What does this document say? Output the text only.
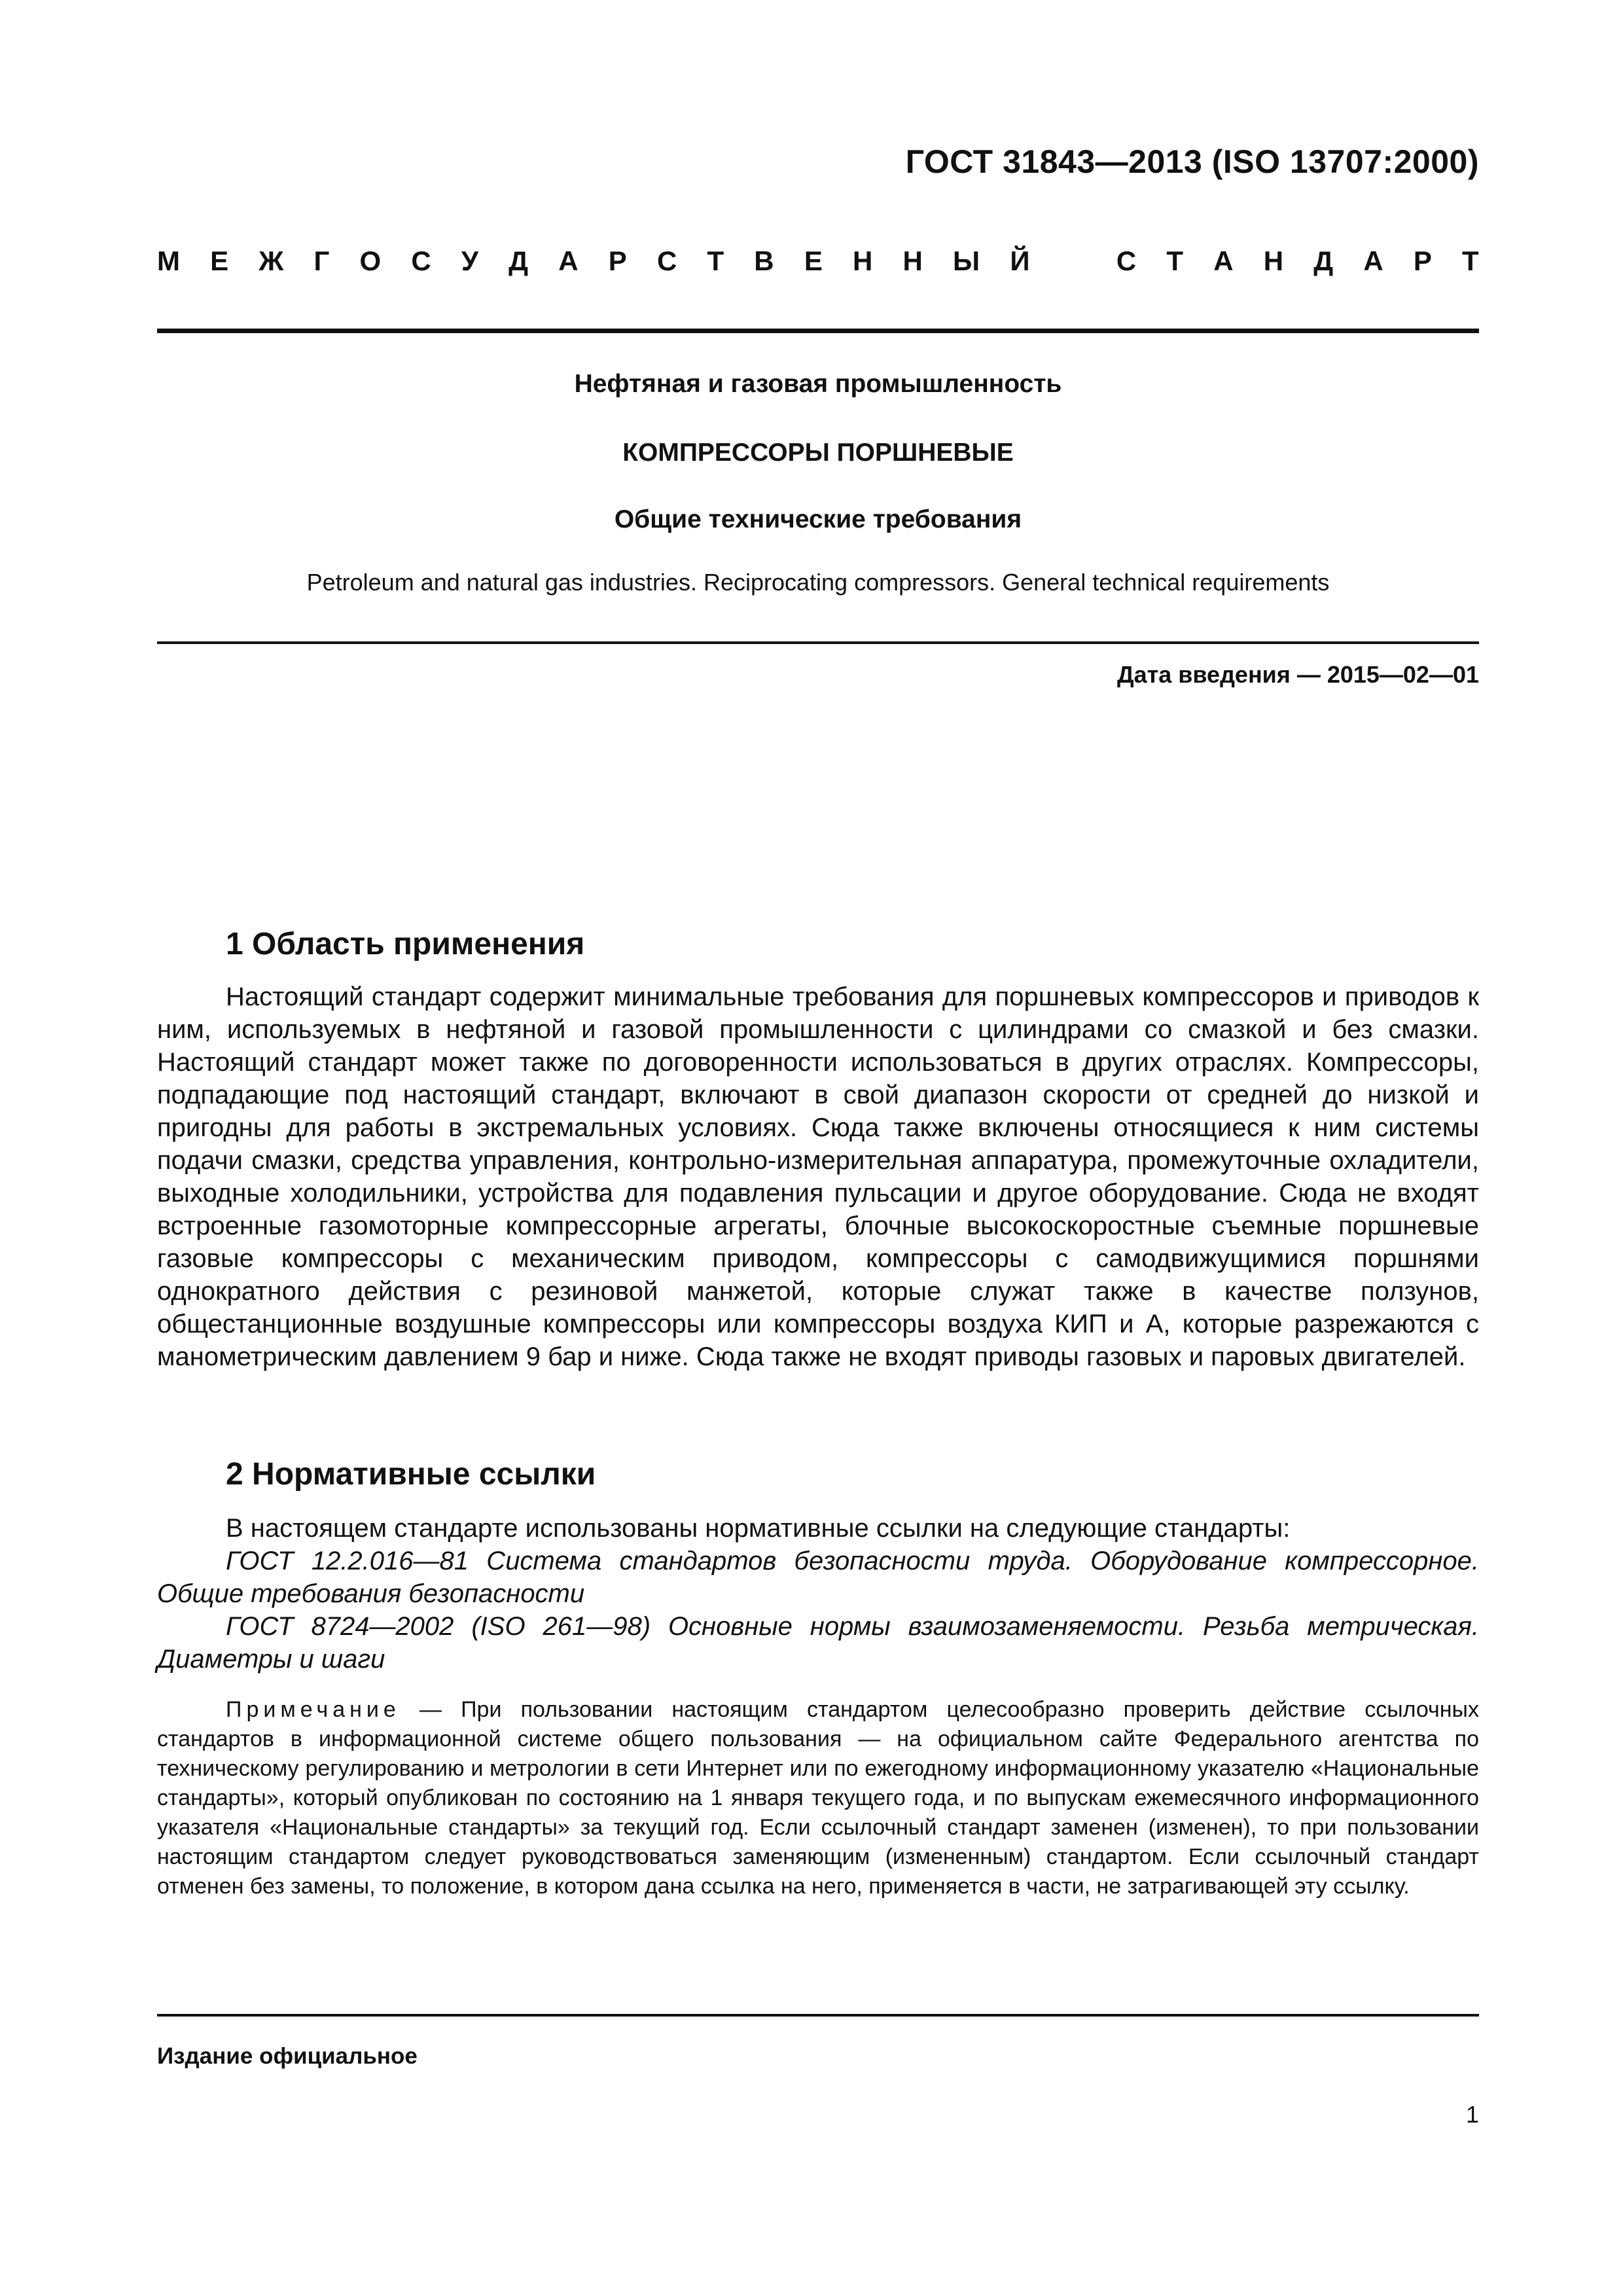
ГОСТ 31843—2013 (ISO 13707:2000)
М Е Ж Г О С У Д А Р С Т В Е Н Н Ы Й	С Т А Н Д А Р Т
Нефтяная и газовая промышленность
КОМПРЕССОРЫ ПОРШНЕВЫЕ
Общие технические требования
Petroleum and natural gas industries. Reciprocating compressors. General technical requirements
Дата введения — 2015—02—01
1 Область применения

Настоящий стандарт содержит минимальные требования для поршневых компрессоров и приводов к ним, используемых в нефтяной и газовой промышленности с цилиндрами со смазкой и без смазки. Настоящий стандарт может также по договоренности использоваться в других отраслях. Компрессоры, подпадающие под настоящий стандарт, включают в свой диапазон скорости от средней до низкой и пригодны для работы в экстремальных условиях. Сюда также включены относящиеся к ним системы подачи смазки, средства управления, контрольно-измерительная аппаратура, промежуточные охладители, выходные холодильники, устройства для подавления пульсации и другое оборудование. Сюда не входят встроенные газомоторные компрессорные агрегаты, блочные высокоскоростные съемные поршневые газовые компрессоры с механическим приводом, компрессоры с самодвижущимися поршнями однократного действия с резиновой манжетой, которые служат также в качестве ползунов, общестанционные воздушные компрессоры или компрессоры воздуха КИП и А, которые разрежаются с манометрическим давлением 9 бар и ниже. Сюда также не входят приводы газовых и паровых двигателей.

2 Нормативные ссылки

В настоящем стандарте использованы нормативные ссылки на следующие стандарты:

ГОСТ 12.2.016—81 Система стандартов безопасности труда. Оборудование компрессорное. Общие требования безопасности

ГОСТ 8724—2002 (ISO 261—98) Основные нормы взаимозаменяемости. Резьба метрическая. Диаметры и шаги

Примечание — При пользовании настоящим стандартом целесообразно проверить действие ссылочных стандартов в информационной системе общего пользования — на официальном сайте Федерального агентства по техническому регулированию и метрологии в сети Интернет или по ежегодному информационному указателю «Национальные стандарты», который опубликован по состоянию на 1 января текущего года, и по выпускам ежемесячного информационного указателя «Национальные стандарты» за текущий год. Если ссылочный стандарт заменен (изменен), то при пользовании настоящим стандартом следует руководствоваться заменяющим (измененным) стандартом. Если ссылочный стандарт отменен без замены, то положение, в котором дана ссылка на него, применяется в части, не затрагивающей эту ссылку.

Издание официальное
1
